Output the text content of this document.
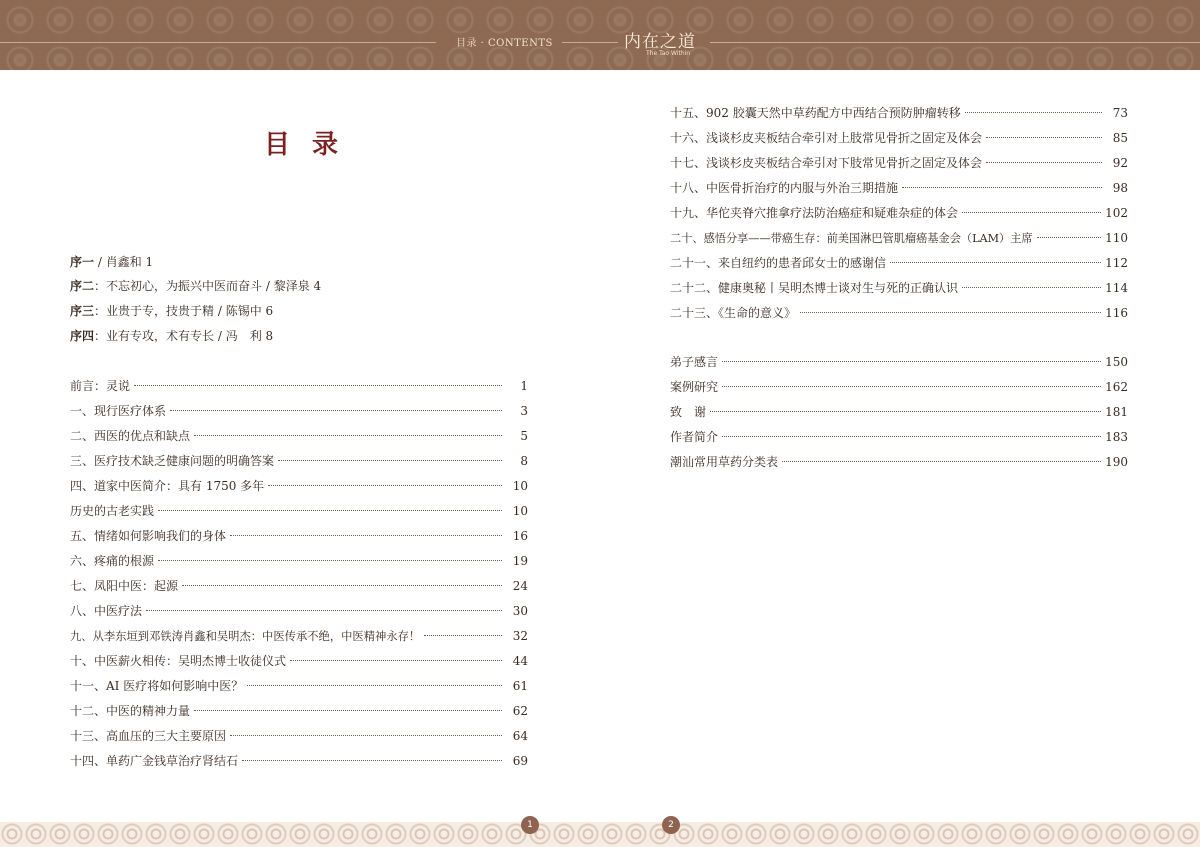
目录 · CONTENTS	内在之道
The Tao Within
目录
序一 / 肖鑫和 1
序二：不忘初心，为振兴中医而奋斗 / 黎泽泉 4
序三：业贵于专，技贵于精 / 陈锡中 6
序四：业有专攻，术有专长 / 冯　利 8
前言：灵说	1
一、现行医疗体系	3
二、西医的优点和缺点	5
三、医疗技术缺乏健康问题的明确答案	8
四、道家中医简介：具有 1750 多年	10
历史的古老实践	10
五、情绪如何影响我们的身体	16
六、疼痛的根源	19
七、凤阳中医：起源	24
八、中医疗法	30
九、从李东垣到邓铁涛肖鑫和吴明杰：中医传承不绝，中医精神永存！	32
十、中医薪火相传：吴明杰博士收徒仪式	44
十一、AI 医疗将如何影响中医？	61
十二、中医的精神力量	62
十三、高血压的三大主要原因	64
十四、单药广金钱草治疗肾结石	69
十五、902 胶囊天然中草药配方中西结合预防肿瘤转移	73
十六、浅谈杉皮夹板结合牵引对上肢常见骨折之固定及体会	85
十七、浅谈杉皮夹板结合牵引对下肢常见骨折之固定及体会	92
十八、中医骨折治疗的内服与外治三期措施	98
十九、华佗夹脊穴推拿疗法防治癌症和疑难杂症的体会	102
二十、感悟分享——带癌生存：前美国淋巴管肌瘤癌基金会（LAM）主席	110
二十一、来自纽约的患者邱女士的感谢信	112
二十二、健康奥秘丨吴明杰博士谈对生与死的正确认识	114
二十三、《生命的意义》	116
弟子感言	150
案例研究	162
致　谢	181
作者简介	183
潮汕常用草药分类表	190
1	2
